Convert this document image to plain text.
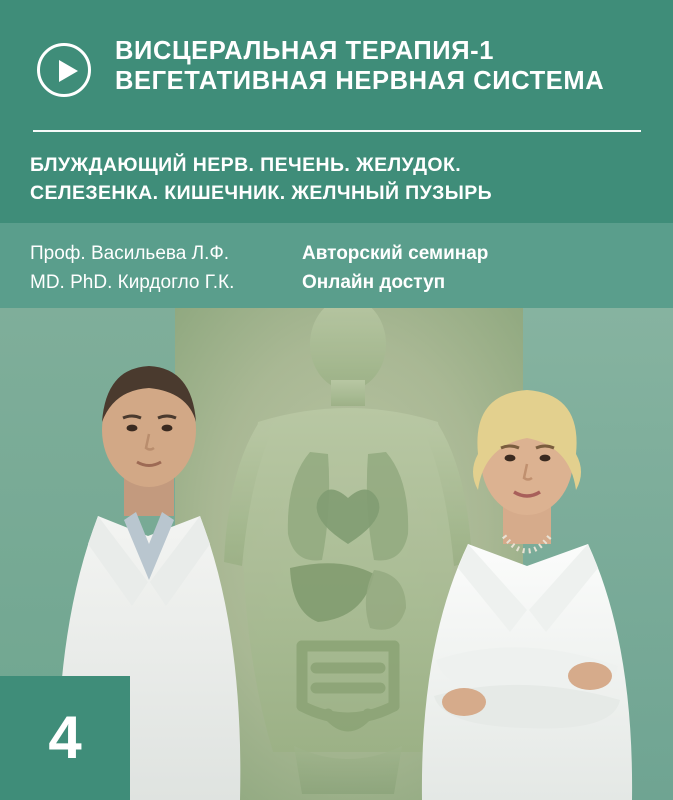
ВИСЦЕРАЛЬНАЯ ТЕРАПИЯ-1
ВЕГЕТАТИВНАЯ НЕРВНАЯ СИСТЕМА
БЛУЖДАЮЩИЙ НЕРВ. ПЕЧЕНЬ. ЖЕЛУДОК.
СЕЛЕЗЕНКА. КИШЕЧНИК. ЖЕЛЧНЫЙ ПУЗЫРЬ
Проф. Васильева Л.Ф.
MD. PhD. Кирдогло Г.К.
Авторский семинар
Онлайн доступ
4
